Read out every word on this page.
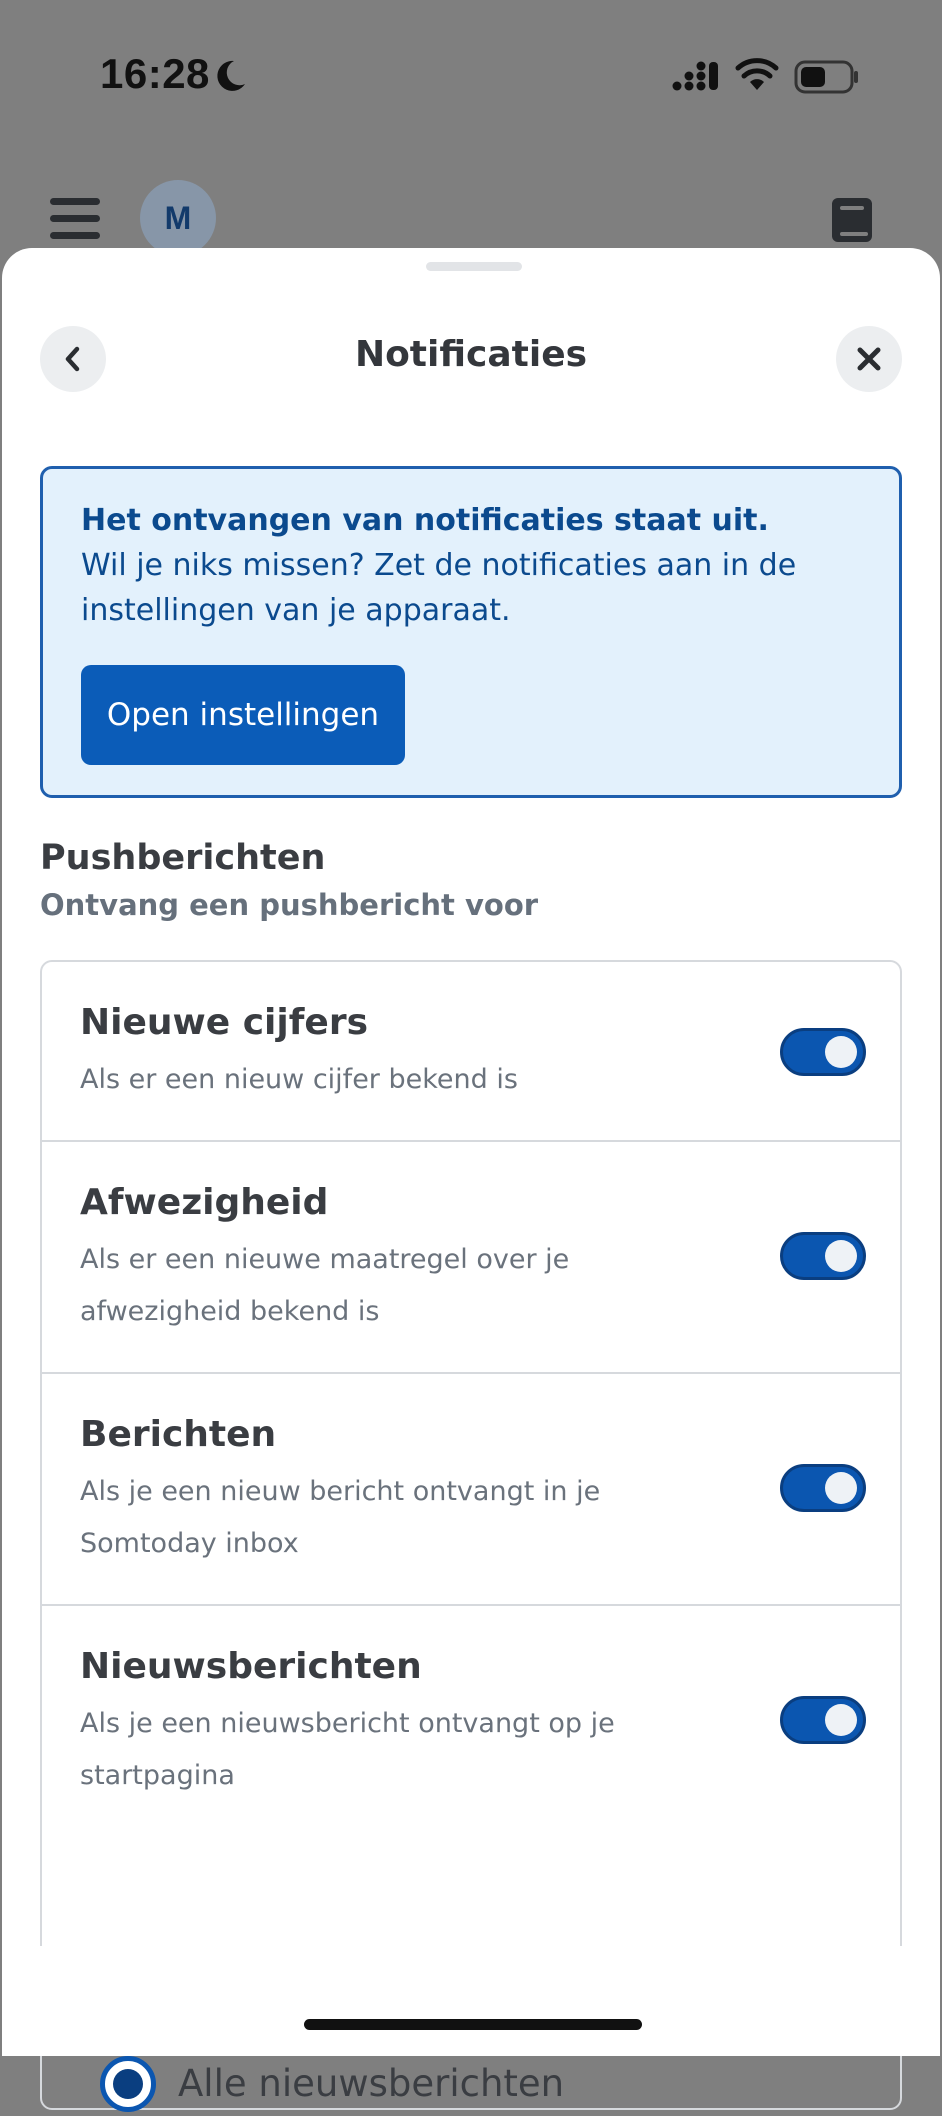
16:28
M
Notificaties
Het ontvangen van notificaties staat uit.
Wil je niks missen? Zet de notificaties aan in de instellingen van je apparaat.
Open instellingen
Pushberichten
Ontvang een pushbericht voor
Nieuwe cijfers
Als er een nieuw cijfer bekend is
Afwezigheid
Als er een nieuwe maatregel over je afwezigheid bekend is
Berichten
Als je een nieuw bericht ontvangt in je Somtoday inbox
Nieuwsberichten
Als je een nieuwsbericht ontvangt op je startpagina
Alle nieuwsberichten
